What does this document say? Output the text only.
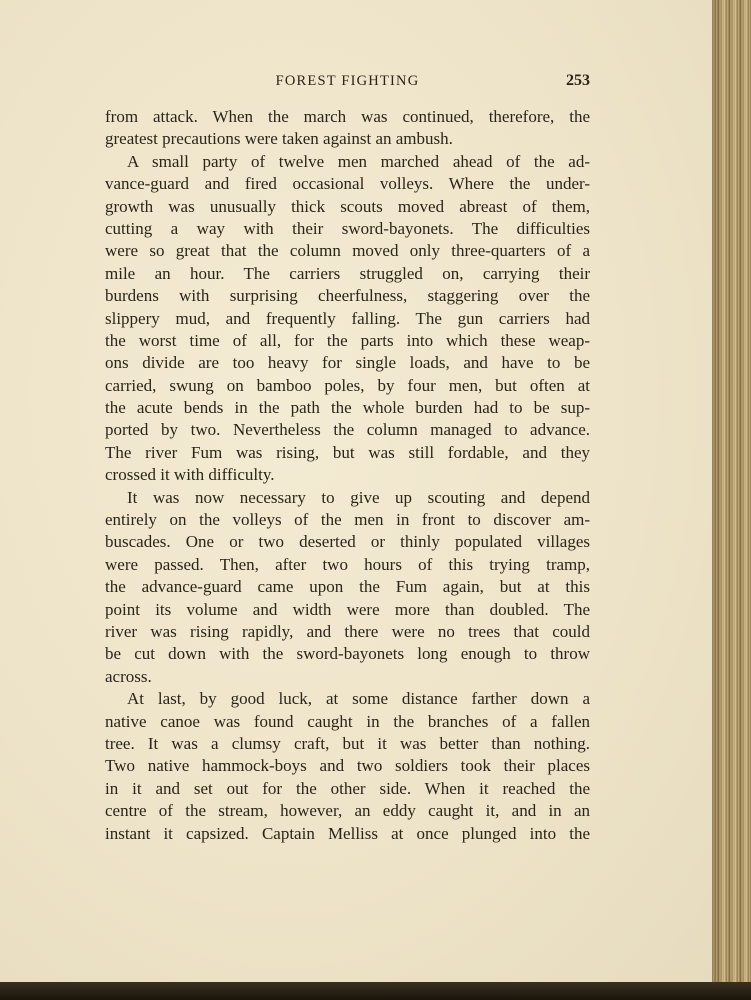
FOREST FIGHTING	253
from attack. When the march was continued, therefore, the
greatest precautions were taken against an ambush.
A small party of twelve men marched ahead of the ad-
vance-guard and fired occasional volleys. Where the under-
growth was unusually thick scouts moved abreast of them,
cutting a way with their sword-bayonets. The difficulties
were so great that the column moved only three-quarters of a
mile an hour. The carriers struggled on, carrying their
burdens with surprising cheerfulness, staggering over the
slippery mud, and frequently falling. The gun carriers had
the worst time of all, for the parts into which these weap-
ons divide are too heavy for single loads, and have to be
carried, swung on bamboo poles, by four men, but often at
the acute bends in the path the whole burden had to be sup-
ported by two. Nevertheless the column managed to advance.
The river Fum was rising, but was still fordable, and they
crossed it with difficulty.
It was now necessary to give up scouting and depend
entirely on the volleys of the men in front to discover am-
buscades. One or two deserted or thinly populated villages
were passed. Then, after two hours of this trying tramp,
the advance-guard came upon the Fum again, but at this
point its volume and width were more than doubled. The
river was rising rapidly, and there were no trees that could
be cut down with the sword-bayonets long enough to throw
across.
At last, by good luck, at some distance farther down a
native canoe was found caught in the branches of a fallen
tree. It was a clumsy craft, but it was better than nothing.
Two native hammock-boys and two soldiers took their places
in it and set out for the other side. When it reached the
centre of the stream, however, an eddy caught it, and in an
instant it capsized. Captain Melliss at once plunged into the
